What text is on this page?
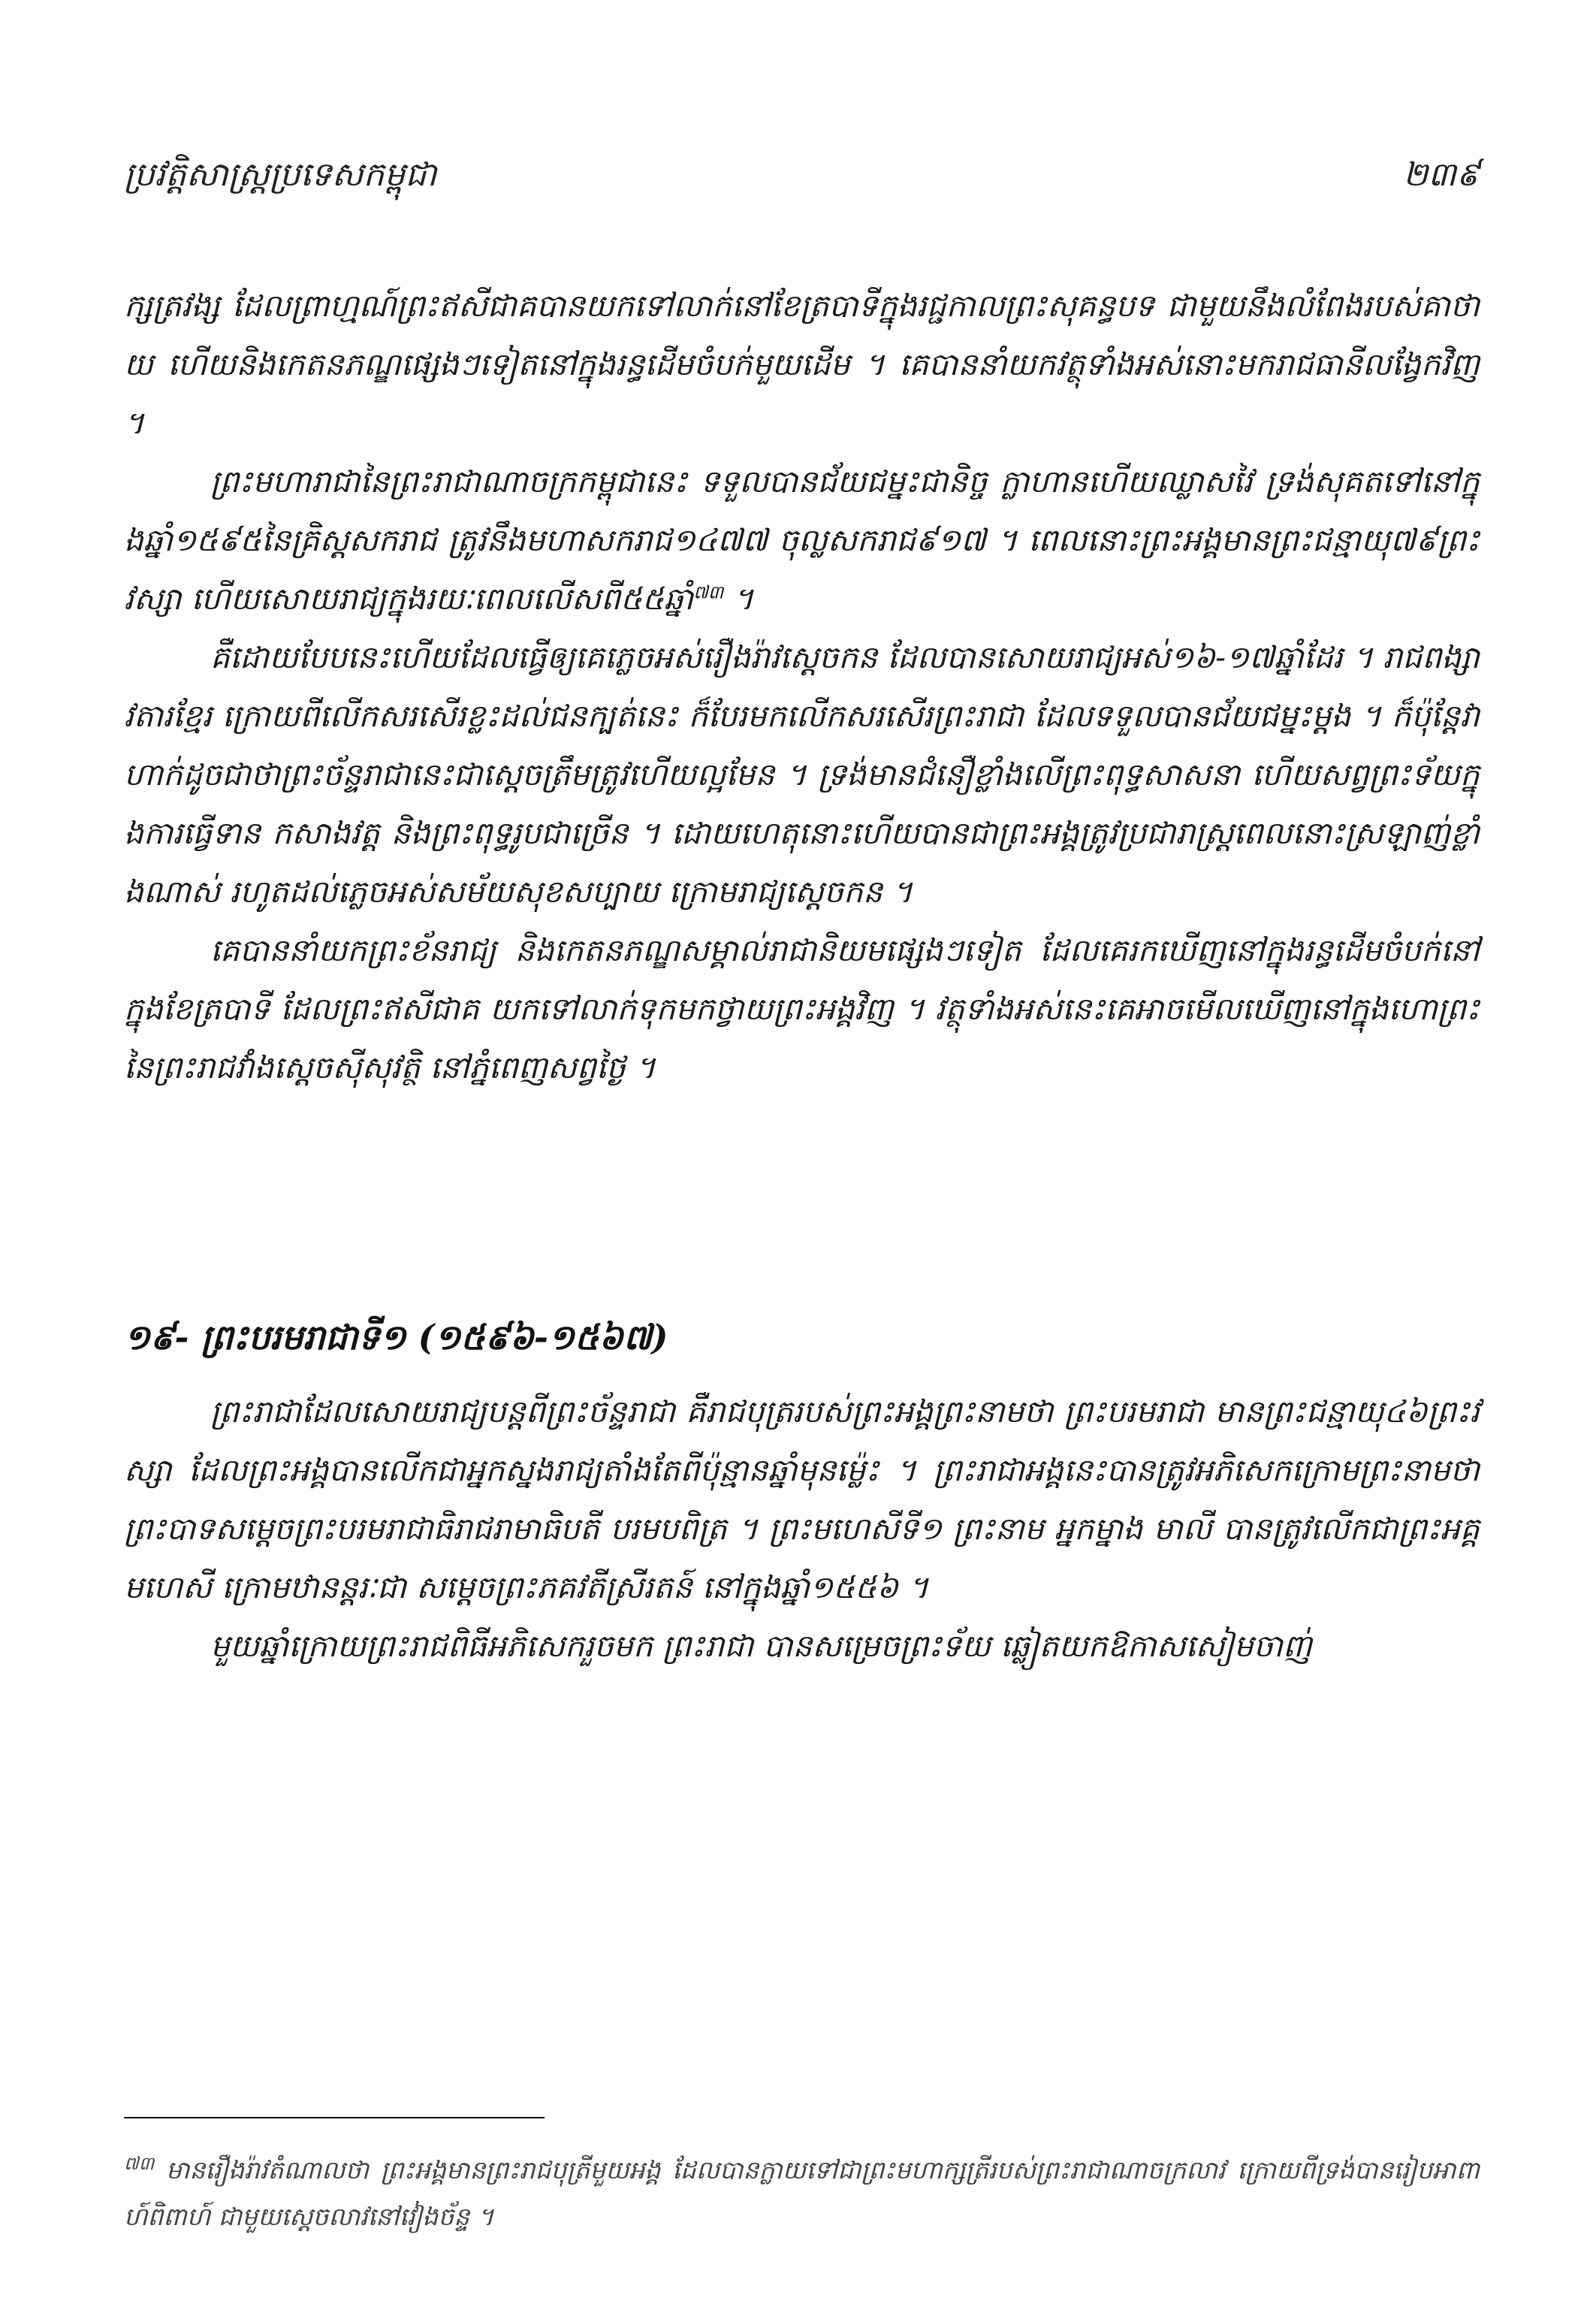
ប្រវត្តិសាស្ត្រប្រទេសកម្ពុជា	២៣៩

ក្សត្រវង្ស ដែលព្រាហ្មណ៍ព្រះឥសីជាគបានយកទៅលាក់នៅខែត្របាទីក្នុងរជ្ជកាលព្រះសុគន្ធបទ ជាមួយនឹងលំពែងរបស់គាថាយ ហើយនិងកេតនភណ្ឌផ្សេងៗទៀតនៅក្នុងរន្ធដើមចំបក់មួយដើម ។ គេបាននាំយកវត្ថុទាំងអស់នោះមករាជធានីលង្វែកវិញ ។

ព្រះមហារាជានៃព្រះរាជាណាចក្រកម្ពុជានេះ ទទួលបានជ័យជម្នះជានិច្ច ក្លាហានហើយឈ្លាសវៃ ទ្រង់សុគតទៅនៅក្នុងឆ្នាំ១៥៩៥នៃគ្រិស្តសករាជ ត្រូវនឹងមហាសករាជ១៤៧៧ ចុល្លសករាជ៩១៧ ។ ពេលនោះព្រះអង្គមានព្រះជន្មាយុ៧៩ព្រះវស្សា ហើយសោយរាជ្យក្នុងរយៈពេលលើសពី៥៥ឆ្នាំ$^{៧៣}$ ។

គឺដោយបែបនេះហើយដែលធ្វើឲ្យគេភ្លេចអស់រឿងរ៉ាវស្តេចកន ដែលបានសោយរាជ្យអស់១៦-១៧ឆ្នាំដែរ ។ រាជពង្សាវតារខ្មែរ ក្រោយពីលើកសរសើរខ្លះដល់ជនក្បត់នេះ ក៏បែរមកលើកសរសើរព្រះរាជា ដែលទទួលបានជ័យជម្នះម្តង ។ ក៏ប៉ុន្តែវាហាក់ដូចជាថាព្រះច័ន្ទរាជានេះជាស្តេចត្រឹមត្រូវហើយល្អមែន ។ ទ្រង់មានជំនឿខ្លាំងលើព្រះពុទ្ធសាសនា ហើយសព្វព្រះទ័យក្នុងការធ្វើទាន កសាងវត្ត និងព្រះពុទ្ធរូបជាច្រើន ។ ដោយហេតុនោះហើយបានជាព្រះអង្គត្រូវប្រជារាស្ត្រពេលនោះស្រឡាញ់ខ្លាំងណាស់ រហូតដល់ភ្លេចអស់សម័យសុខសប្បាយ ក្រោមរាជ្យស្តេចកន ។

គេបាននាំយកព្រះខ័នរាជ្យ និងកេតនភណ្ឌសម្គាល់រាជានិយមផ្សេងៗទៀត ដែលគេរកឃើញនៅក្នុងរន្ធដើមចំបក់នៅក្នុងខែត្របាទី ដែលព្រះឥសីជាគ យកទៅលាក់ទុកមកថ្វាយព្រះអង្គវិញ ។ វត្ថុទាំងអស់នេះគេអាចមើលឃើញនៅក្នុងហោព្រះនៃព្រះរាជវាំងស្តេចស៊ីសុវត្ថិ នៅភ្នំពេញសព្វថ្ងៃ ។

១៩- ព្រះបរមរាជាទី១ (១៥៩៦-១៥៦៧)

ព្រះរាជាដែលសោយរាជ្យបន្តពីព្រះច័ន្ទរាជា គឺរាជបុត្ររបស់ព្រះអង្គព្រះនាមថា ព្រះបរមរាជា មានព្រះជន្មាយុ៤៦ព្រះវស្សា ដែលព្រះអង្គបានលើកជាអ្នកស្នងរាជ្យតាំងតែពីប៉ុន្មានឆ្នាំមុនម្ល៉េះ ។ ព្រះរាជាអង្គនេះបានត្រូវអភិសេកក្រោមព្រះនាមថា ព្រះបាទសម្តេចព្រះបរមរាជាធិរាជរាមាធិបតី បរមបពិត្រ ។ ព្រះមហេសីទី១ ព្រះនាម អ្នកម្នាង មាលី បានត្រូវលើកជាព្រះអគ្គមហេសី ក្រោមឋានន្តរៈជា សម្តេចព្រះភគវតីស្រីរតន៍ នៅក្នុងឆ្នាំ១៥៥៦ ។

មួយឆ្នាំក្រោយព្រះរាជពិធីអភិសេករួចមក ព្រះរាជា បានសម្រេចព្រះទ័យ ឆ្លៀតយកឱកាសសៀមចាញ់

$^{៧៣}$ មានរឿងរ៉ាវតំណាលថា ព្រះអង្គមានព្រះរាជបុត្រីមួយអង្គ ដែលបានក្លាយទៅជាព្រះមហាក្សត្រីរបស់ព្រះរាជាណាចក្រលាវ ក្រោយពីទ្រង់បានរៀបអាពាហ៍ពិពាហ៍ ជាមួយស្តេចលាវនៅវៀងច័ន្ទ ។
